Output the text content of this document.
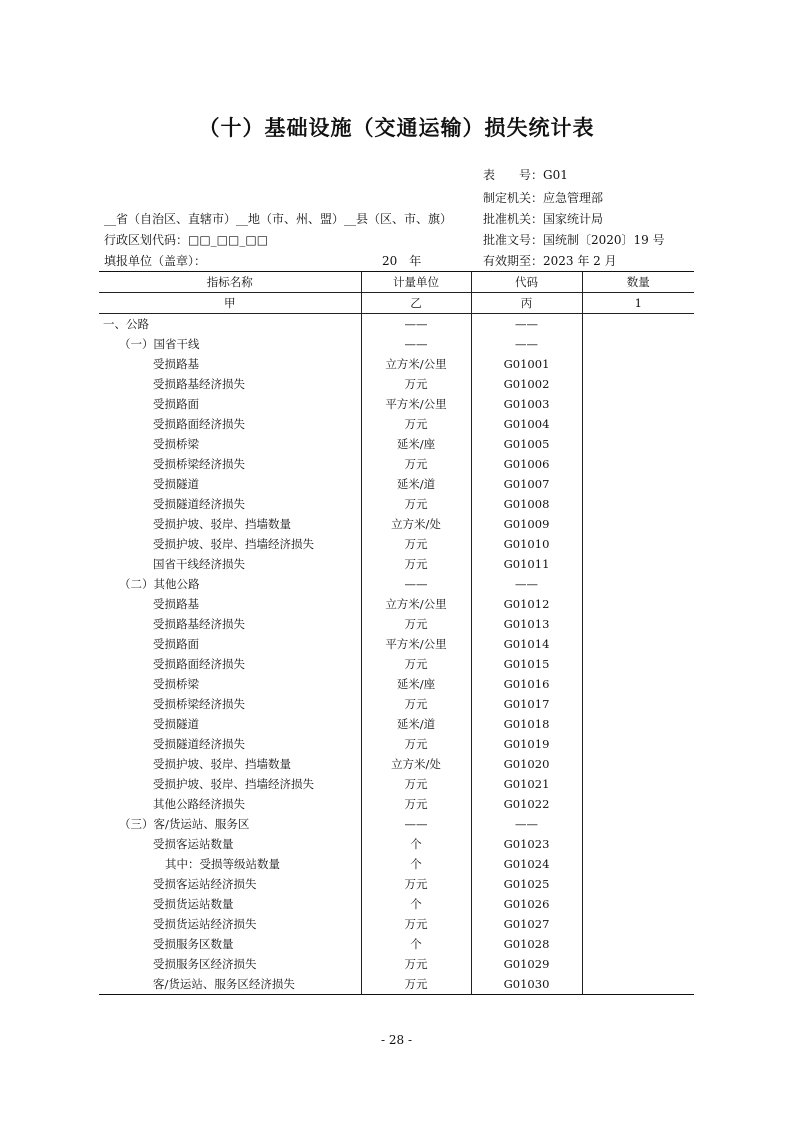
（十）基础设施（交通运输）损失统计表
表　　号：G01
制定机关：应急管理部
批准机关：国家统计局
批准文号：国统制〔2020〕19 号
有效期至：2023 年 2 月
__省（自治区、直辖市）__地（市、州、盟）__县（区、市、旗）
行政区划代码：□□_□□_□□
填报单位（盖章）：	20　年
指标名称	计量单位	代码	数量
甲	乙	丙	1
一、公路	——	——	
（一）国省干线	——	——	
受损路基	立方米/公里	G01001	
受损路基经济损失	万元	G01002	
受损路面	平方米/公里	G01003	
受损路面经济损失	万元	G01004	
受损桥梁	延米/座	G01005	
受损桥梁经济损失	万元	G01006	
受损隧道	延米/道	G01007	
受损隧道经济损失	万元	G01008	
受损护坡、驳岸、挡墙数量	立方米/处	G01009	
受损护坡、驳岸、挡墙经济损失	万元	G01010	
国省干线经济损失	万元	G01011	
（二）其他公路	——	——	
受损路基	立方米/公里	G01012	
受损路基经济损失	万元	G01013	
受损路面	平方米/公里	G01014	
受损路面经济损失	万元	G01015	
受损桥梁	延米/座	G01016	
受损桥梁经济损失	万元	G01017	
受损隧道	延米/道	G01018	
受损隧道经济损失	万元	G01019	
受损护坡、驳岸、挡墙数量	立方米/处	G01020	
受损护坡、驳岸、挡墙经济损失	万元	G01021	
其他公路经济损失	万元	G01022	
（三）客/货运站、服务区	——	——	
受损客运站数量	个	G01023	
其中：受损等级站数量	个	G01024	
受损客运站经济损失	万元	G01025	
受损货运站数量	个	G01026	
受损货运站经济损失	万元	G01027	
受损服务区数量	个	G01028	
受损服务区经济损失	万元	G01029	
客/货运站、服务区经济损失	万元	G01030	
- 28 -
